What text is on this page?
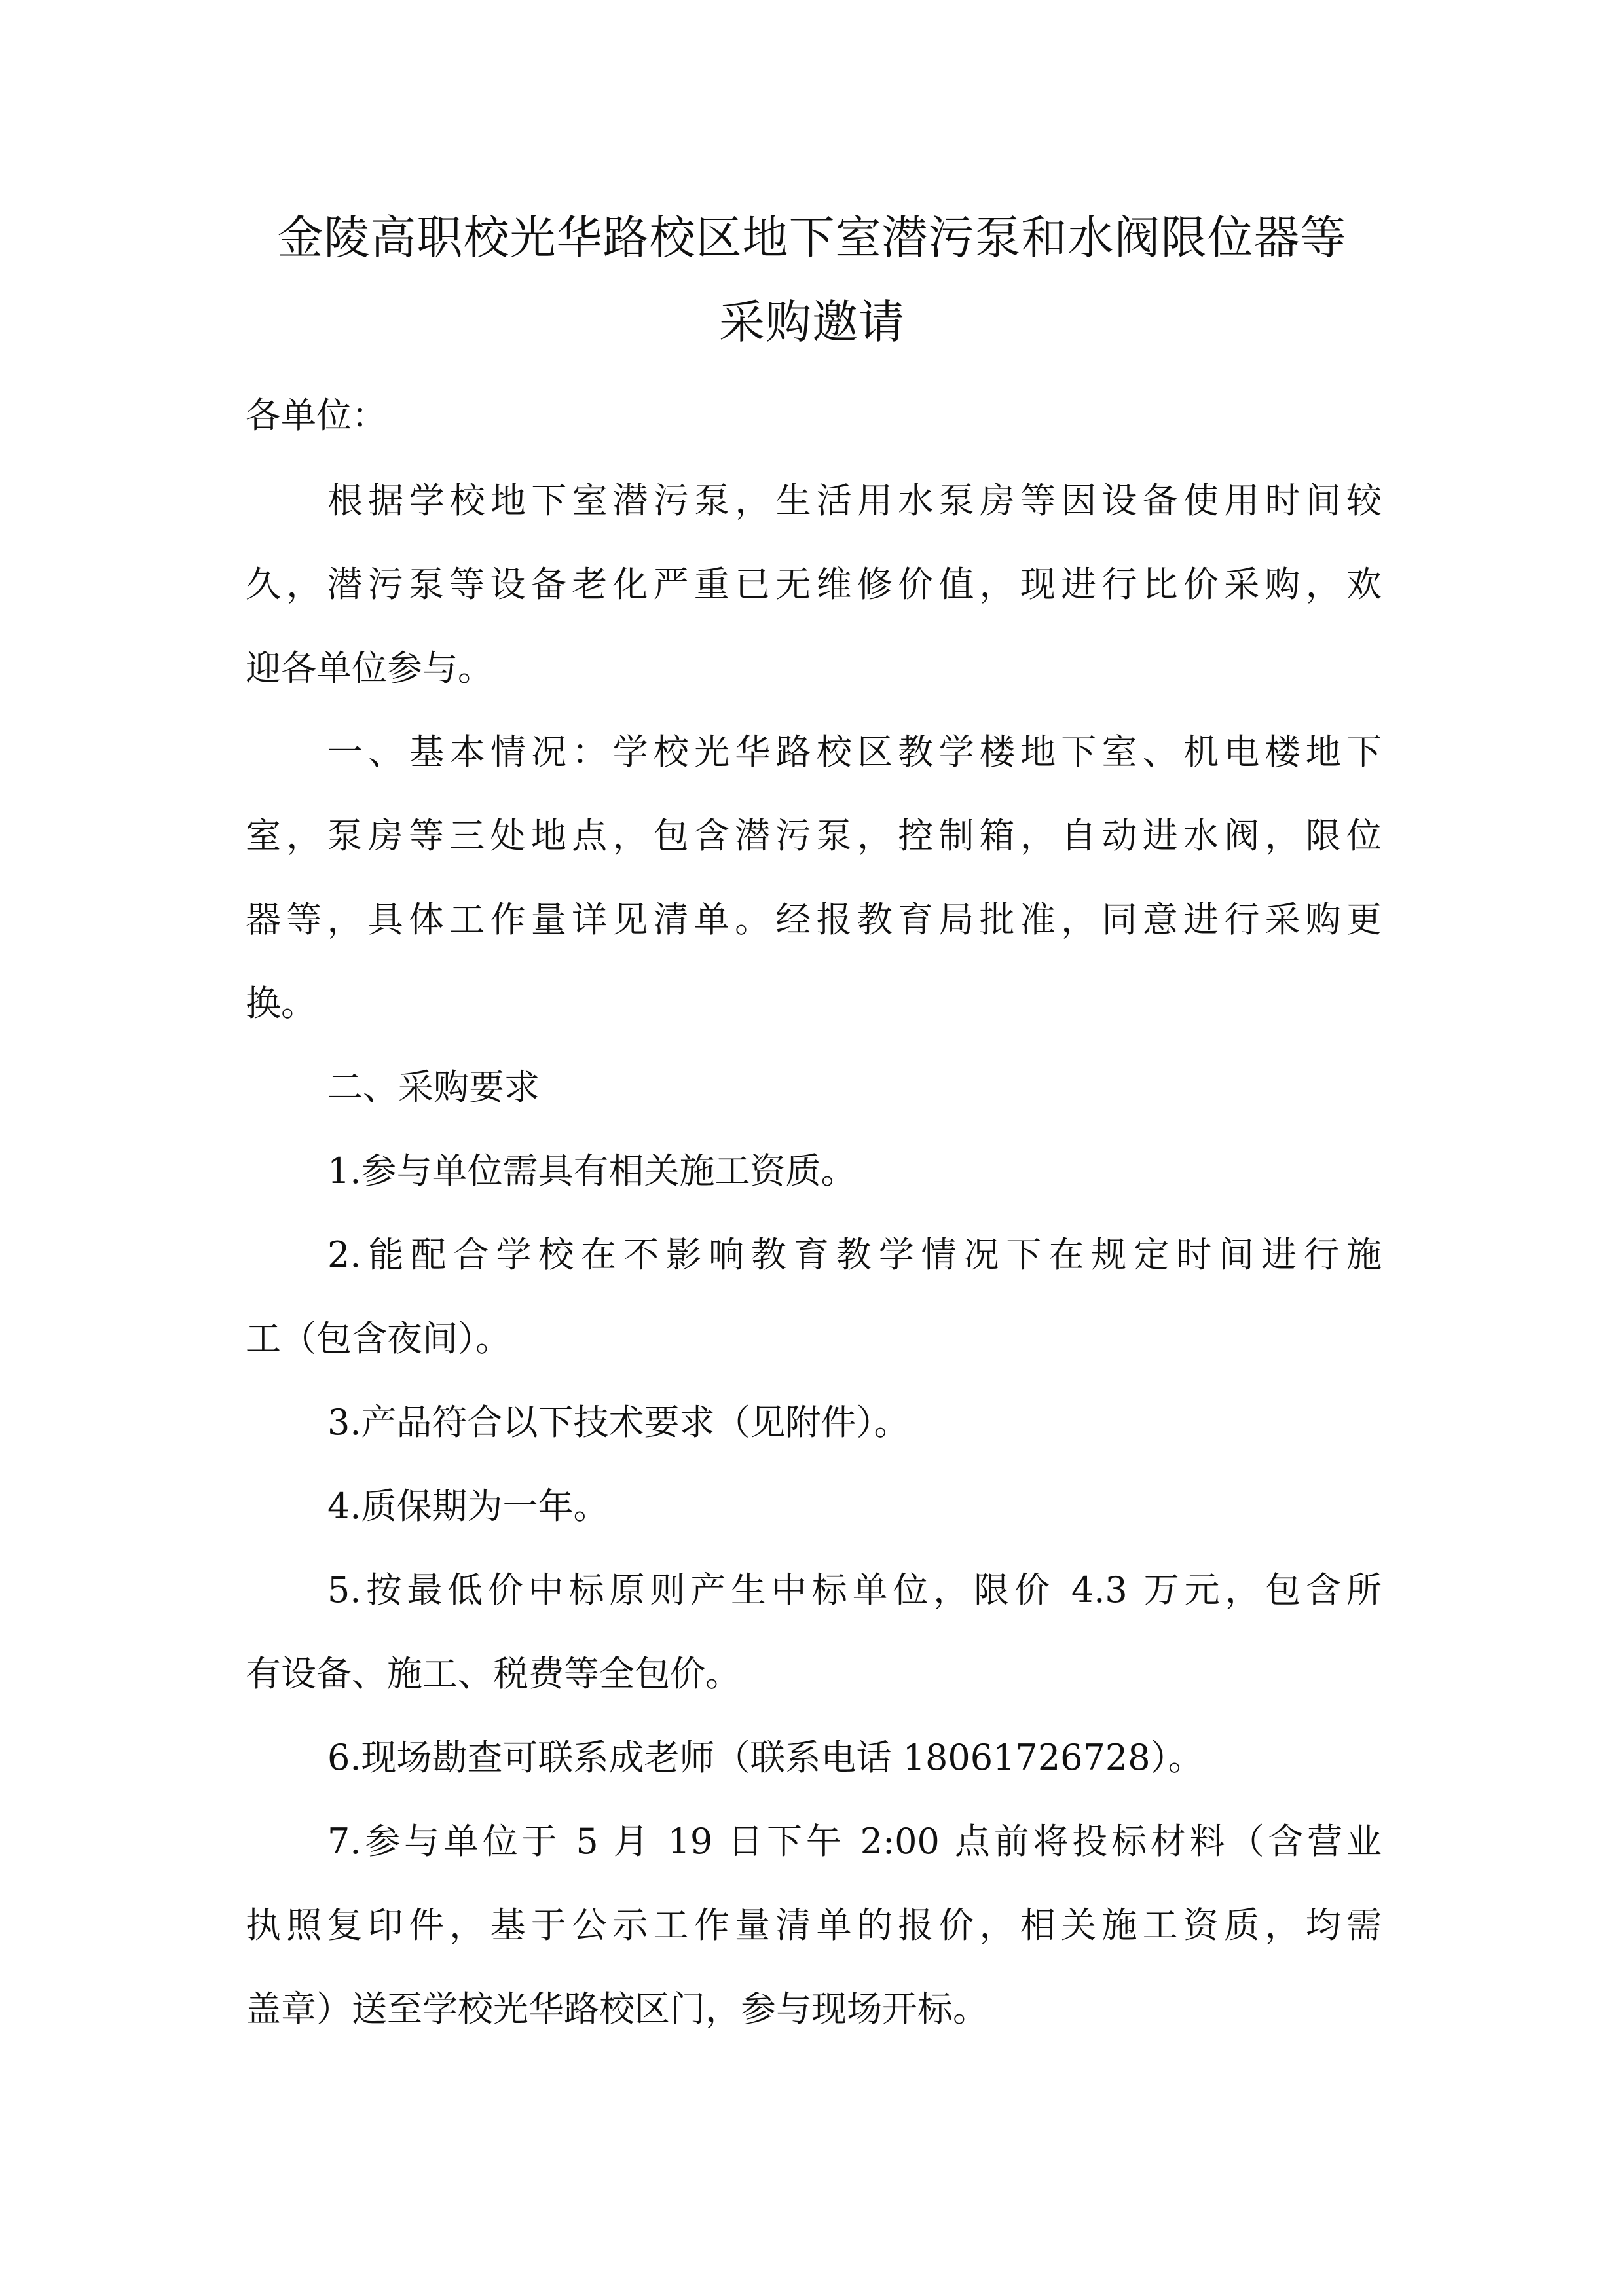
金陵高职校光华路校区地下室潜污泵和水阀限位器等
采购邀请

各单位：

根据学校地下室潜污泵，生活用水泵房等因设备使用时间较

久，潜污泵等设备老化严重已无维修价值，现进行比价采购，欢

迎各单位参与。

一、基本情况：学校光华路校区教学楼地下室、机电楼地下

室，泵房等三处地点，包含潜污泵，控制箱，自动进水阀，限位

器等，具体工作量详见清单。经报教育局批准，同意进行采购更

换。

二、采购要求

1.参与单位需具有相关施工资质。

2.能配合学校在不影响教育教学情况下在规定时间进行施

工（包含夜间）。

3.产品符合以下技术要求（见附件）。

4.质保期为一年。

5.按最低价中标原则产生中标单位，限价 4.3 万元，包含所

有设备、施工、税费等全包价。

6.现场勘查可联系成老师（联系电话 18061726728）。

7.参与单位于 5 月 19 日下午 2:00 点前将投标材料（含营业

执照复印件，基于公示工作量清单的报价，相关施工资质，均需

盖章）送至学校光华路校区门，参与现场开标。
